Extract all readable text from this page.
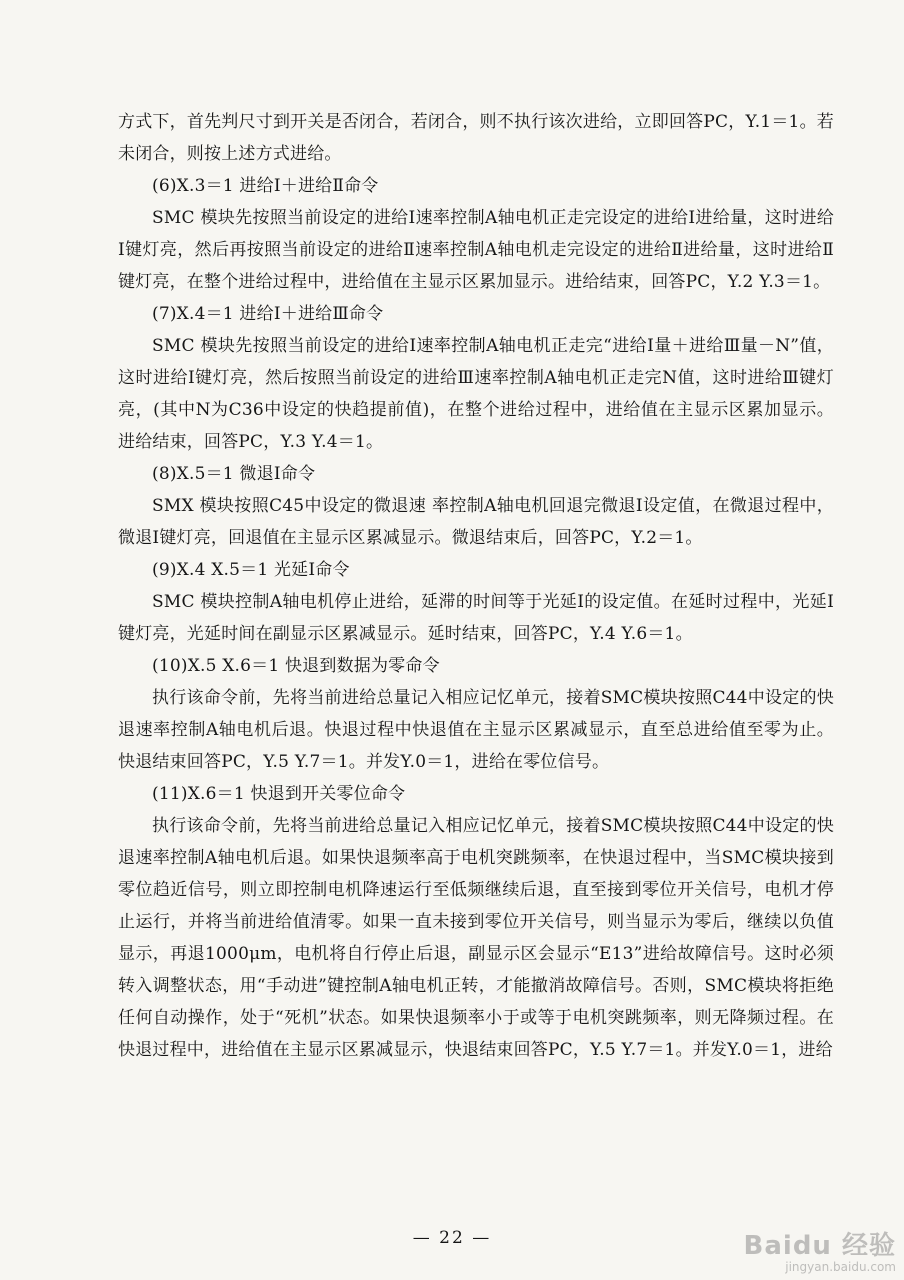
方式下，首先判尺寸到开关是否闭合，若闭合，则不执行该次进给，立即回答PC，Y.1＝1。若未闭合，则按上述方式进给。

(6)X.3＝1 进给Ⅰ＋进给Ⅱ命令

SMC 模块先按照当前设定的进给Ⅰ速率控制A轴电机正走完设定的进给Ⅰ进给量，这时进给Ⅰ键灯亮，然后再按照当前设定的进给Ⅱ速率控制A轴电机走完设定的进给Ⅱ进给量，这时进给Ⅱ键灯亮，在整个进给过程中，进给值在主显示区累加显示。进给结束，回答PC，Y.2 Y.3＝1。

(7)X.4＝1 进给Ⅰ＋进给Ⅲ命令

SMC 模块先按照当前设定的进给Ⅰ速率控制A轴电机正走完“进给Ⅰ量＋进给Ⅲ量－N”值，这时进给Ⅰ键灯亮，然后按照当前设定的进给Ⅲ速率控制A轴电机正走完N值，这时进给Ⅲ键灯亮，(其中N为C36中设定的快趋提前值)，在整个进给过程中，进给值在主显示区累加显示。进给结束，回答PC，Y.3 Y.4＝1。

(8)X.5＝1 微退Ⅰ命令

SMX 模块按照C45中设定的微退速 率控制A轴电机回退完微退Ⅰ设定值，在微退过程中，微退Ⅰ键灯亮，回退值在主显示区累减显示。微退结束后，回答PC，Y.2＝1。

(9)X.4 X.5＝1 光延Ⅰ命令

SMC 模块控制A轴电机停止进给，延滞的时间等于光延Ⅰ的设定值。在延时过程中，光延Ⅰ键灯亮，光延时间在副显示区累减显示。延时结束，回答PC，Y.4 Y.6＝1。

(10)X.5 X.6＝1 快退到数据为零命令

执行该命令前，先将当前进给总量记入相应记忆单元，接着SMC模块按照C44中设定的快退速率控制A轴电机后退。快退过程中快退值在主显示区累减显示，直至总进给值至零为止。快退结束回答PC，Y.5 Y.7＝1。并发Y.0＝1，进给在零位信号。

(11)X.6＝1 快退到开关零位命令

执行该命令前，先将当前进给总量记入相应记忆单元，接着SMC模块按照C44中设定的快退速率控制A轴电机后退。如果快退频率高于电机突跳频率，在快退过程中，当SMC模块接到零位趋近信号，则立即控制电机降速运行至低频继续后退，直至接到零位开关信号，电机才停止运行，并将当前进给值清零。如果一直未接到零位开关信号，则当显示为零后，继续以负值显示，再退1000μm，电机将自行停止后退，副显示区会显示“E13”进给故障信号。这时必须转入调整状态，用“手动进”键控制A轴电机正转，才能撤消故障信号。否则，SMC模块将拒绝任何自动操作，处于“死机”状态。如果快退频率小于或等于电机突跳频率，则无降频过程。在快退过程中，进给值在主显示区累减显示，快退结束回答PC，Y.5 Y.7＝1。并发Y.0＝1，进给

— 22 —	Baidu 经验
jingyan.baidu.com
